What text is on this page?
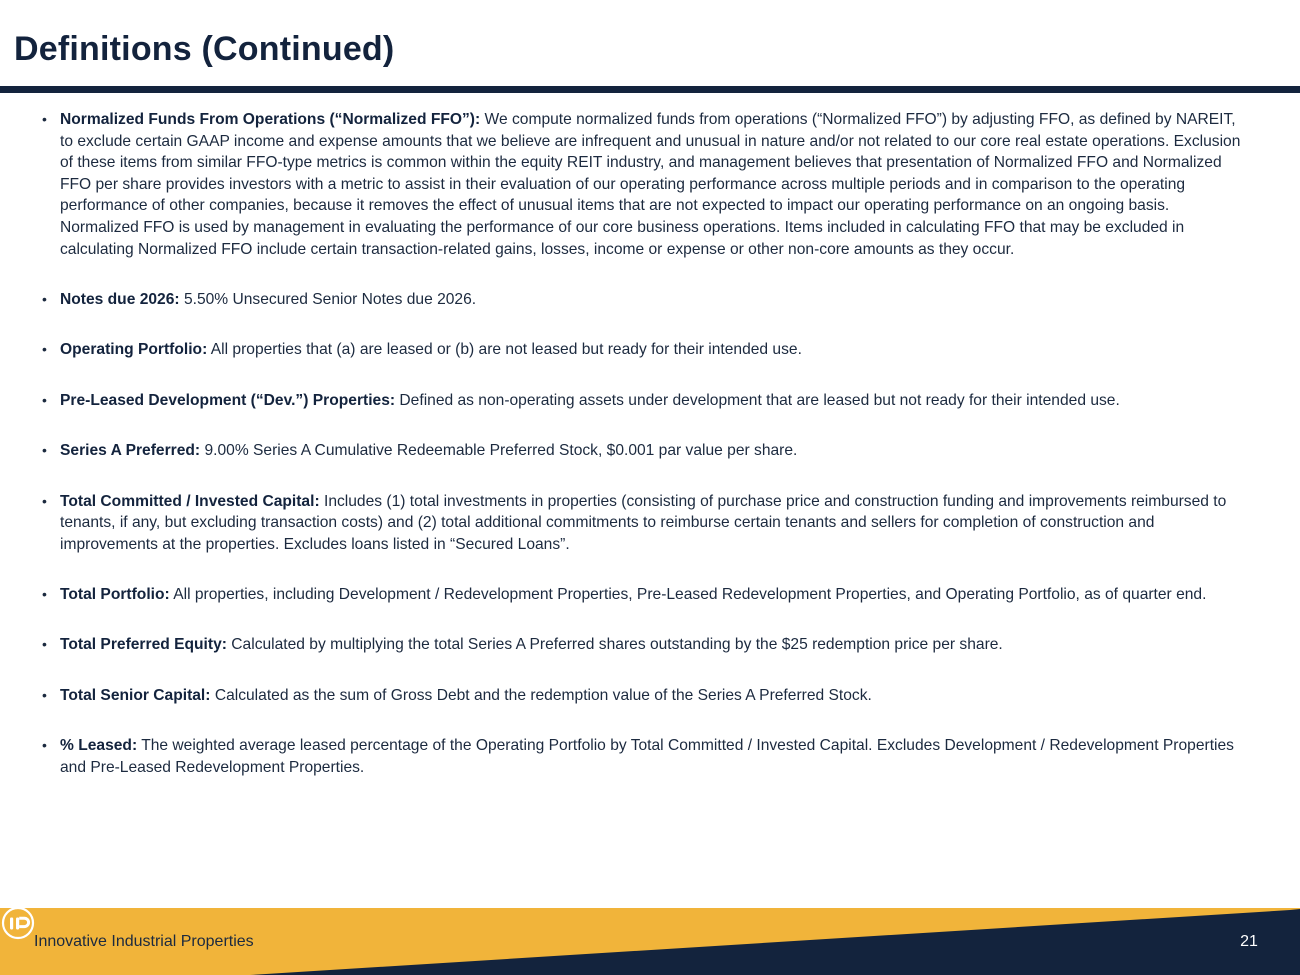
Definitions (Continued)
• Normalized Funds From Operations (“Normalized FFO”): We compute normalized funds from operations (“Normalized FFO”) by adjusting FFO, as defined by NAREIT, to exclude certain GAAP income and expense amounts that we believe are infrequent and unusual in nature and/or not related to our core real estate operations. Exclusion of these items from similar FFO-type metrics is common within the equity REIT industry, and management believes that presentation of Normalized FFO and Normalized FFO per share provides investors with a metric to assist in their evaluation of our operating performance across multiple periods and in comparison to the operating performance of other companies, because it removes the effect of unusual items that are not expected to impact our operating performance on an ongoing basis. Normalized FFO is used by management in evaluating the performance of our core business operations. Items included in calculating FFO that may be excluded in calculating Normalized FFO include certain transaction-related gains, losses, income or expense or other non-core amounts as they occur.
• Notes due 2026: 5.50% Unsecured Senior Notes due 2026.
• Operating Portfolio: All properties that (a) are leased or (b) are not leased but ready for their intended use.
• Pre-Leased Development (“Dev.”) Properties: Defined as non-operating assets under development that are leased but not ready for their intended use.
• Series A Preferred: 9.00% Series A Cumulative Redeemable Preferred Stock, $0.001 par value per share.
• Total Committed / Invested Capital: Includes (1) total investments in properties (consisting of purchase price and construction funding and improvements reimbursed to tenants, if any, but excluding transaction costs) and (2) total additional commitments to reimburse certain tenants and sellers for completion of construction and improvements at the properties. Excludes loans listed in “Secured Loans”.
• Total Portfolio: All properties, including Development / Redevelopment Properties, Pre-Leased Redevelopment Properties, and Operating Portfolio, as of quarter end.
• Total Preferred Equity: Calculated by multiplying the total Series A Preferred shares outstanding by the $25 redemption price per share.
• Total Senior Capital: Calculated as the sum of Gross Debt and the redemption value of the Series A Preferred Stock.
• % Leased: The weighted average leased percentage of the Operating Portfolio by Total Committed / Invested Capital. Excludes Development / Redevelopment Properties and Pre-Leased Redevelopment Properties.
Innovative Industrial Properties	21
